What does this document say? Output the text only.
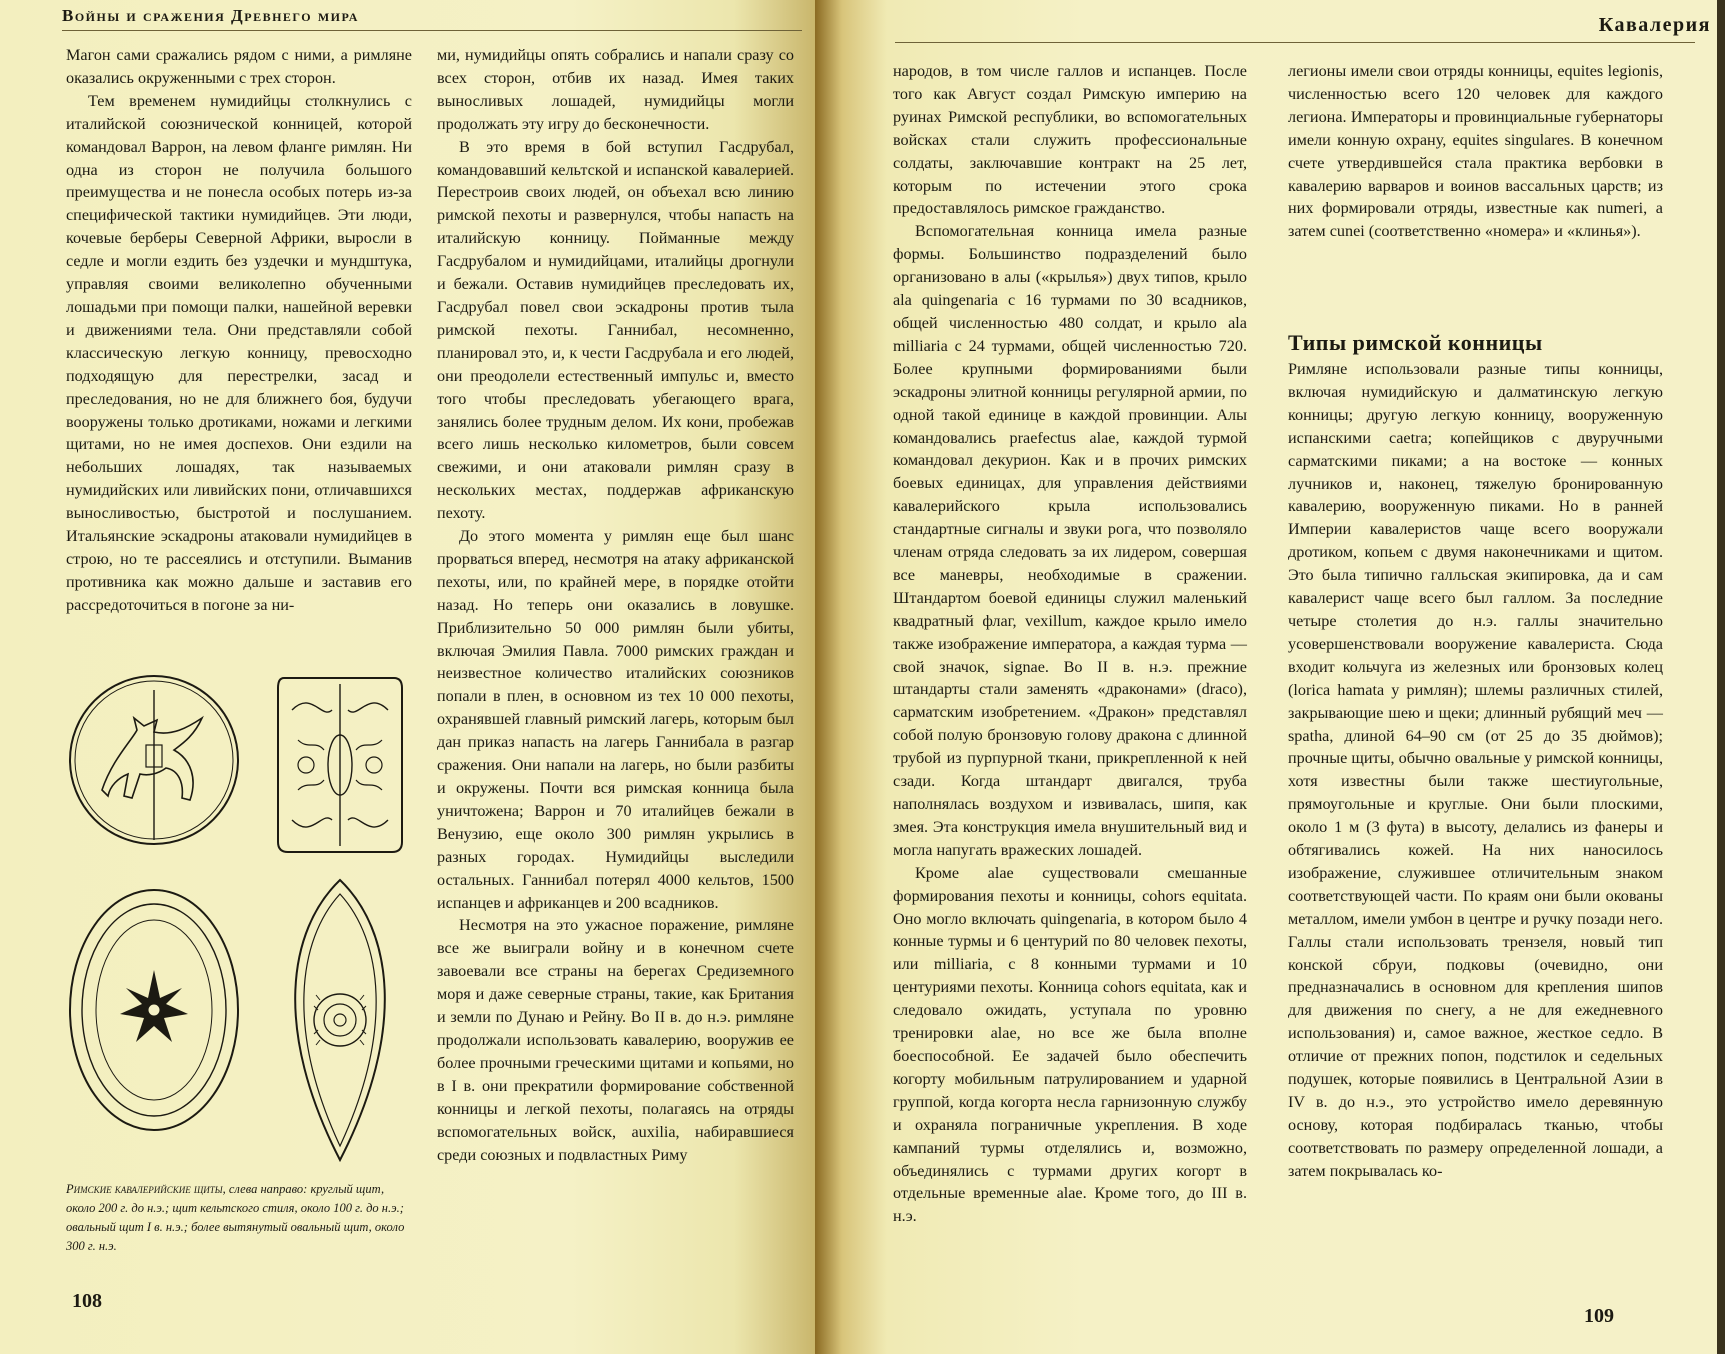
Войны и сражения Древнего мира

Магон сами сражались рядом с ними, а римляне оказались окруженными с трех сторон.

Тем временем нумидийцы столкнулись с италийской союзнической конницей, которой командовал Варрон, на левом фланге римлян. Ни одна из сторон не получила большого преимущества и не понесла особых потерь из-за специфической тактики нумидийцев. Эти люди, кочевые берберы Северной Африки, выросли в седле и могли ездить без уздечки и мундштука, управляя своими великолепно обученными лошадьми при помощи палки, нашейной веревки и движениями тела. Они представляли собой классическую легкую конницу, превосходно подходящую для перестрелки, засад и преследования, но не для ближнего боя, будучи вооружены только дротиками, ножами и легкими щитами, но не имея доспехов. Они ездили на небольших лошадях, так называемых нумидийских или ливийских пони, отличавшихся выносливостью, быстротой и послушанием. Итальянские эскадроны атаковали нумидийцев в строю, но те рассеялись и отступили. Выманив противника как можно дальше и заставив его рассредоточиться в погоне за ни-

ми, нумидийцы опять собрались и напали сразу со всех сторон, отбив их назад. Имея таких выносливых лошадей, нумидийцы могли продолжать эту игру до бесконечности.

В это время в бой вступил Гасдрубал, командовавший кельтской и испанской кавалерией. Перестроив своих людей, он объехал всю линию римской пехоты и развернулся, чтобы напасть на италийскую конницу. Пойманные между Гасдрубалом и нумидийцами, италийцы дрогнули и бежали. Оставив нумидийцев преследовать их, Гасдрубал повел свои эскадроны против тыла римской пехоты. Ганнибал, несомненно, планировал это, и, к чести Гасдрубала и его людей, они преодолели естественный импульс и, вместо того чтобы преследовать убегающего врага, занялись более трудным делом. Их кони, пробежав всего лишь несколько километров, были совсем свежими, и они атаковали римлян сразу в нескольких местах, поддержав африканскую пехоту.

До этого момента у римлян еще был шанс прорваться вперед, несмотря на атаку африканской пехоты, или, по крайней мере, в порядке отойти назад. Но теперь они оказались в ловушке. Приблизительно 50 000 римлян были убиты, включая Эмилия Павла. 7000 римских граждан и неизвестное количество италийских союзников попали в плен, в основном из тех 10 000 пехоты, охранявшей главный римский лагерь, которым был дан приказ напасть на лагерь Ганнибала в разгар сражения. Они напали на лагерь, но были разбиты и окружены. Почти вся римская конница была уничтожена; Варрон и 70 италийцев бежали в Венузию, еще около 300 римлян укрылись в разных городах. Нумидийцы выследили остальных. Ганнибал потерял 4000 кельтов, 1500 испанцев и африканцев и 200 всадников.

Несмотря на это ужасное поражение, римляне все же выиграли войну и в конечном счете завоевали все страны на берегах Средиземного моря и даже северные страны, такие, как Британия и земли по Дунаю и Рейну. Во II в. до н.э. римляне продолжали использовать кавалерию, вооружив ее более прочными греческими щитами и копьями, но в I в. они прекратили формирование собственной конницы и легкой пехоты, полагаясь на отряды вспомогательных войск, auxilia, набиравшиеся среди союзных и подвластных Риму

Римские кавалерийские щиты, слева направо: круглый щит, около 200 г. до н.э.; щит кельтского стиля, около 100 г. до н.э.; овальный щит I в. н.э.; более вытянутый овальный щит, около 300 г. н.э.
108
Кавалерия

народов, в том числе галлов и испанцев. После того как Август создал Римскую империю на руинах Римской республики, во вспомогательных войсках стали служить профессиональные солдаты, заключавшие контракт на 25 лет, которым по истечении этого срока предоставлялось римское гражданство.

Вспомогательная конница имела разные формы. Большинство подразделений было организовано в алы («крылья») двух типов, крыло ala quingenaria с 16 турмами по 30 всадников, общей численностью 480 солдат, и крыло ala milliaria с 24 турмами, общей численностью 720. Более крупными формированиями были эскадроны элитной конницы регулярной армии, по одной такой единице в каждой провинции. Алы командовались praefectus alae, каждой турмой командовал декурион. Как и в прочих римских боевых единицах, для управления действиями кавалерийского крыла использовались стандартные сигналы и звуки рога, что позволяло членам отряда следовать за их лидером, совершая все маневры, необходимые в сражении. Штандартом боевой единицы служил маленький квадратный флаг, vexillum, каждое крыло имело также изображение императора, а каждая турма — свой значок, signae. Во II в. н.э. прежние штандарты стали заменять «драконами» (draco), сарматским изобретением. «Дракон» представлял собой полую бронзовую голову дракона с длинной трубой из пурпурной ткани, прикрепленной к ней сзади. Когда штандарт двигался, труба наполнялась воздухом и извивалась, шипя, как змея. Эта конструкция имела внушительный вид и могла напугать вражеских лошадей.

Кроме alae существовали смешанные формирования пехоты и конницы, cohors equitata. Оно могло включать quingenaria, в котором было 4 конные турмы и 6 центурий по 80 человек пехоты, или milliaria, с 8 конными турмами и 10 центуриями пехоты. Конница cohors equitata, как и следовало ожидать, уступала по уровню тренировки alae, но все же была вполне боеспособной. Ее задачей было обеспечить когорту мобильным патрулированием и ударной группой, когда когорта несла гарнизонную службу и охраняла пограничные укрепления. В ходе кампаний турмы отделялись и, возможно, объединялись с турмами других когорт в отдельные временные alae. Кроме того, до III в. н.э.

легионы имели свои отряды конницы, equites legionis, численностью всего 120 человек для каждого легиона. Императоры и провинциальные губернаторы имели конную охрану, equites singulares. В конечном счете утвердившейся стала практика вербовки в кавалерию варваров и воинов вассальных царств; из них формировали отряды, известные как numeri, а затем cunei (соответственно «номера» и «клинья»).

Типы римской конницы

Римляне использовали разные типы конницы, включая нумидийскую и далматинскую легкую конницы; другую легкую конницу, вооруженную испанскими caetra; копейщиков с двуручными сарматскими пиками; а на востоке — конных лучников и, наконец, тяжелую бронированную кавалерию, вооруженную пиками. Но в ранней Империи кавалеристов чаще всего вооружали дротиком, копьем с двумя наконечниками и щитом. Это была типично галльская экипировка, да и сам кавалерист чаще всего был галлом. За последние четыре столетия до н.э. галлы значительно усовершенствовали вооружение кавалериста. Сюда входит кольчуга из железных или бронзовых колец (lorica hamata у римлян); шлемы различных стилей, закрывающие шею и щеки; длинный рубящий меч — spatha, длиной 64–90 см (от 25 до 35 дюймов); прочные щиты, обычно овальные у римской конницы, хотя известны были также шестиугольные, прямоугольные и круглые. Они были плоскими, около 1 м (3 фута) в высоту, делались из фанеры и обтягивались кожей. На них наносилось изображение, служившее отличительным знаком соответствующей части. По краям они были окованы металлом, имели умбон в центре и ручку позади него. Галлы стали использовать трензеля, новый тип конской сбруи, подковы (очевидно, они предназначались в основном для крепления шипов для движения по снегу, а не для ежедневного использования) и, самое важное, жесткое седло. В отличие от прежних попон, подстилок и седельных подушек, которые появились в Центральной Азии в IV в. до н.э., это устройство имело деревянную основу, которая подбиралась тканью, чтобы соответствовать по размеру определенной лошади, а затем покрывалась ко-

109
